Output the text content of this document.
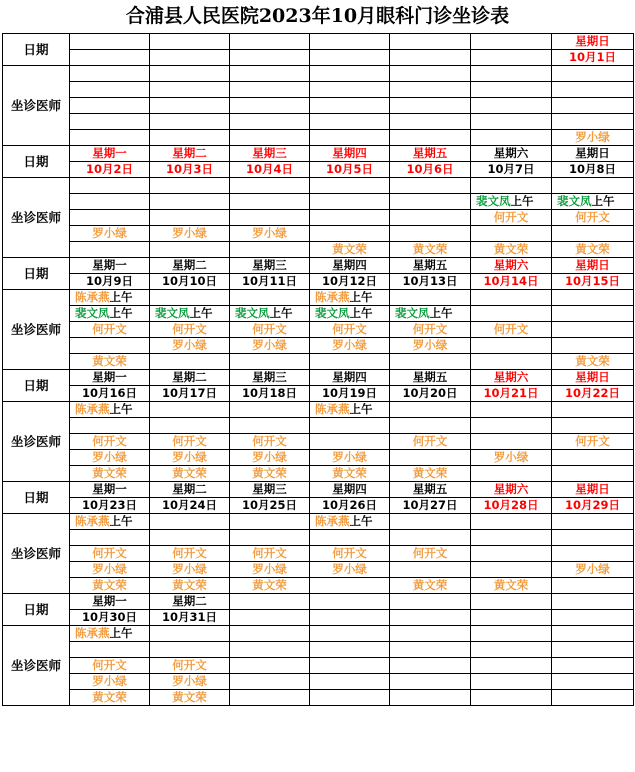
合浦县人民医院2023年10月眼科门诊坐诊表
日期							星期日
							10月1日
坐诊医师							

							罗小绿
日期	星期一	星期二	星期三	星期四	星期五	星期六	星期日
	10月2日	10月3日	10月4日	10月5日	10月6日	10月7日	10月8日
坐诊医师							
						裴文凤上午	裴文凤上午
						何开文	何开文
	罗小绿	罗小绿	罗小绿				
				黄文荣	黄文荣	黄文荣	黄文荣
日期	星期一	星期二	星期三	星期四	星期五	星期六	星期日
	10月9日	10月10日	10月11日	10月12日	10月13日	10月14日	10月15日
坐诊医师	陈承燕上午			陈承燕上午			
	裴文凤上午	裴文凤上午	裴文凤上午	裴文凤上午	裴文凤上午		
	何开文	何开文	何开文	何开文	何开文	何开文	
		罗小绿	罗小绿	罗小绿	罗小绿		
	黄文荣						黄文荣
日期	星期一	星期二	星期三	星期四	星期五	星期六	星期日
	10月16日	10月17日	10月18日	10月19日	10月20日	10月21日	10月22日
坐诊医师	陈承燕上午			陈承燕上午			

	何开文	何开文	何开文		何开文		何开文
	罗小绿	罗小绿	罗小绿	罗小绿		罗小绿	
	黄文荣	黄文荣	黄文荣	黄文荣	黄文荣		
日期	星期一	星期二	星期三	星期四	星期五	星期六	星期日
	10月23日	10月24日	10月25日	10月26日	10月27日	10月28日	10月29日
坐诊医师	陈承燕上午			陈承燕上午			

	何开文	何开文	何开文	何开文	何开文		
	罗小绿	罗小绿	罗小绿	罗小绿			罗小绿
	黄文荣	黄文荣	黄文荣		黄文荣	黄文荣	
日期	星期一	星期二					
	10月30日	10月31日					
坐诊医师	陈承燕上午						

	何开文	何开文					
	罗小绿	罗小绿					
	黄文荣	黄文荣					
